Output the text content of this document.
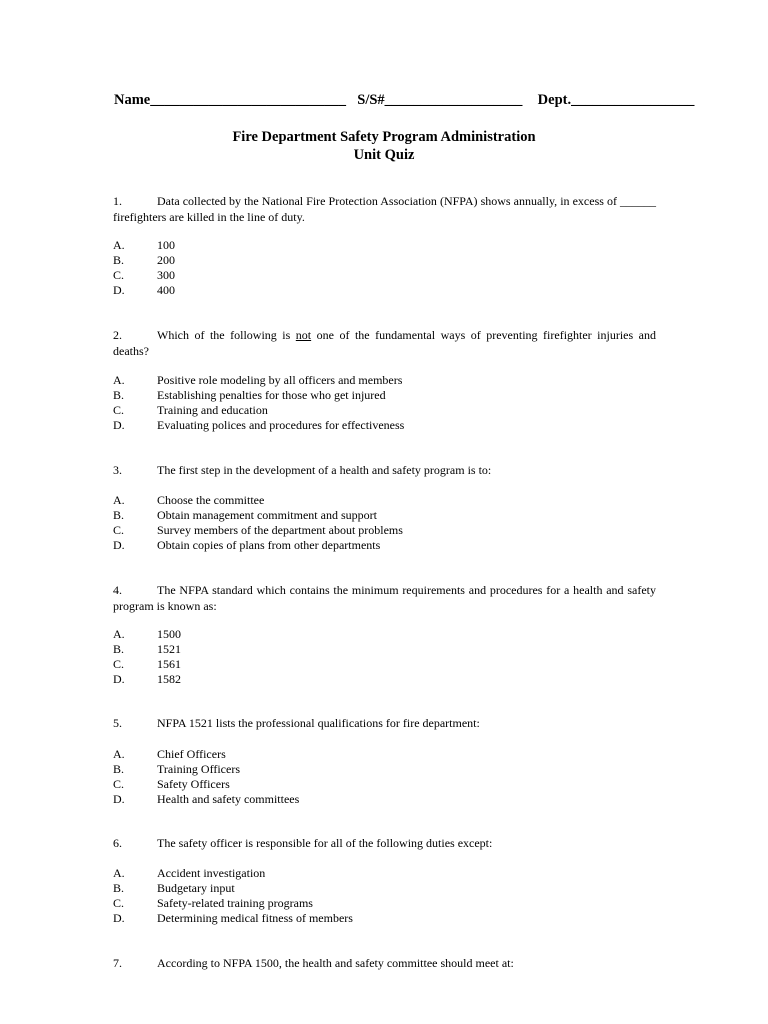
Name___________________________ S/S#___________________ Dept._________________
Fire Department Safety Program Administration
Unit Quiz
1.	Data collected by the National Fire Protection Association (NFPA) shows annually, in excess of ______ firefighters are killed in the line of duty.
A.	100
B.	200
C.	300
D.	400
2.	Which of the following is not one of the fundamental ways of preventing firefighter injuries and deaths?
A.	Positive role modeling by all officers and members
B.	Establishing penalties for those who get injured
C.	Training and education
D.	Evaluating polices and procedures for effectiveness
3.	The first step in the development of a health and safety program is to:
A.	Choose the committee
B.	Obtain management commitment and support
C.	Survey members of the department about problems
D.	Obtain copies of plans from other departments
4.	The NFPA standard which contains the minimum requirements and procedures for a health and safety program is known as:
A.	1500
B.	1521
C.	1561
D.	1582
5.	NFPA 1521 lists the professional qualifications for fire department:
A.	Chief Officers
B.	Training Officers
C.	Safety Officers
D.	Health and safety committees
6.	The safety officer is responsible for all of the following duties except:
A.	Accident investigation
B.	Budgetary input
C.	Safety-related training programs
D.	Determining medical fitness of members
7.	According to NFPA 1500, the health and safety committee should meet at:
